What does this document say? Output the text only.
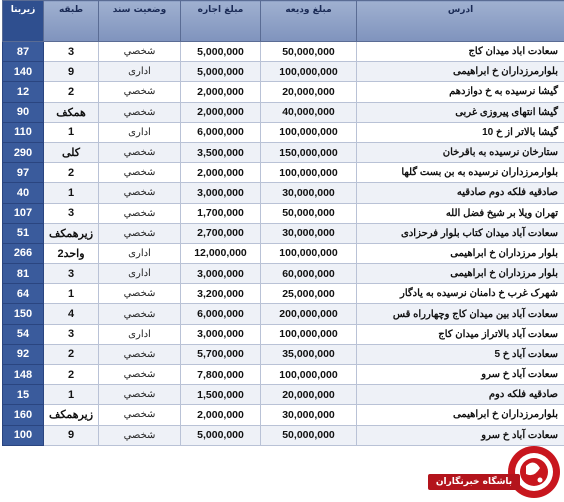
زیربنا	طبقه	وضعیت سند	مبلغ اجاره	مبلغ ودیعه	ادرس
87	3	شخصي	5,000,000	50,000,000	سعادت اباد میدان کاج
140	9	اداری	5,000,000	100,000,000	بلوارمرزداران خ ابراهیمی
12	2	شخصي	2,000,000	20,000,000	گیشا نرسیده به خ دوازدهم
90	همکف	شخصي	2,000,000	40,000,000	گیشا انتهای پیروزی غربی
110	1	اداری	6,000,000	100,000,000	گیشا بالاتر از خ 10
290	کلی	شخصي	3,500,000	150,000,000	ستارخان نرسیده به باقرخان
97	2	شخصي	2,000,000	100,000,000	بلوارمرزداران نرسیده به بن بست گلها
40	1	شخصي	3,000,000	30,000,000	صادقیه فلکه دوم صادقیه
107	3	شخصي	1,700,000	50,000,000	تهران ویلا بر شیخ فضل الله
51	زیرهمکف	شخصي	2,700,000	30,000,000	سعادت آباد میدان کتاب بلوار فرحزادی
266	2واحد	اداری	12,000,000	100,000,000	بلوار مرزداران خ ابراهیمی
81	3	اداری	3,000,000	60,000,000	بلوار مرزداران خ ابراهیمی
64	1	شخصي	3,200,000	25,000,000	شهرک غرب خ دامنان نرسیده به یادگار
150	4	شخصي	6,000,000	200,000,000	سعادت آباد بین میدان کاج وچهارراه قس
54	3	اداری	3,000,000	100,000,000	سعادت آباد بالاتراز میدان کاج
92	2	شخصي	5,700,000	35,000,000	سعادت آباد خ 5
148	2	شخصي	7,800,000	100,000,000	سعادت آباد خ سرو
15	1	شخصي	1,500,000	20,000,000	صادقیه فلکه دوم
160	زیرهمکف	شخصي	2,000,000	30,000,000	بلوارمرزداران خ ابراهیمی
100	9	شخصي	5,000,000	50,000,000	سعادت آباد خ سرو
باشگاه خبرنگاران
